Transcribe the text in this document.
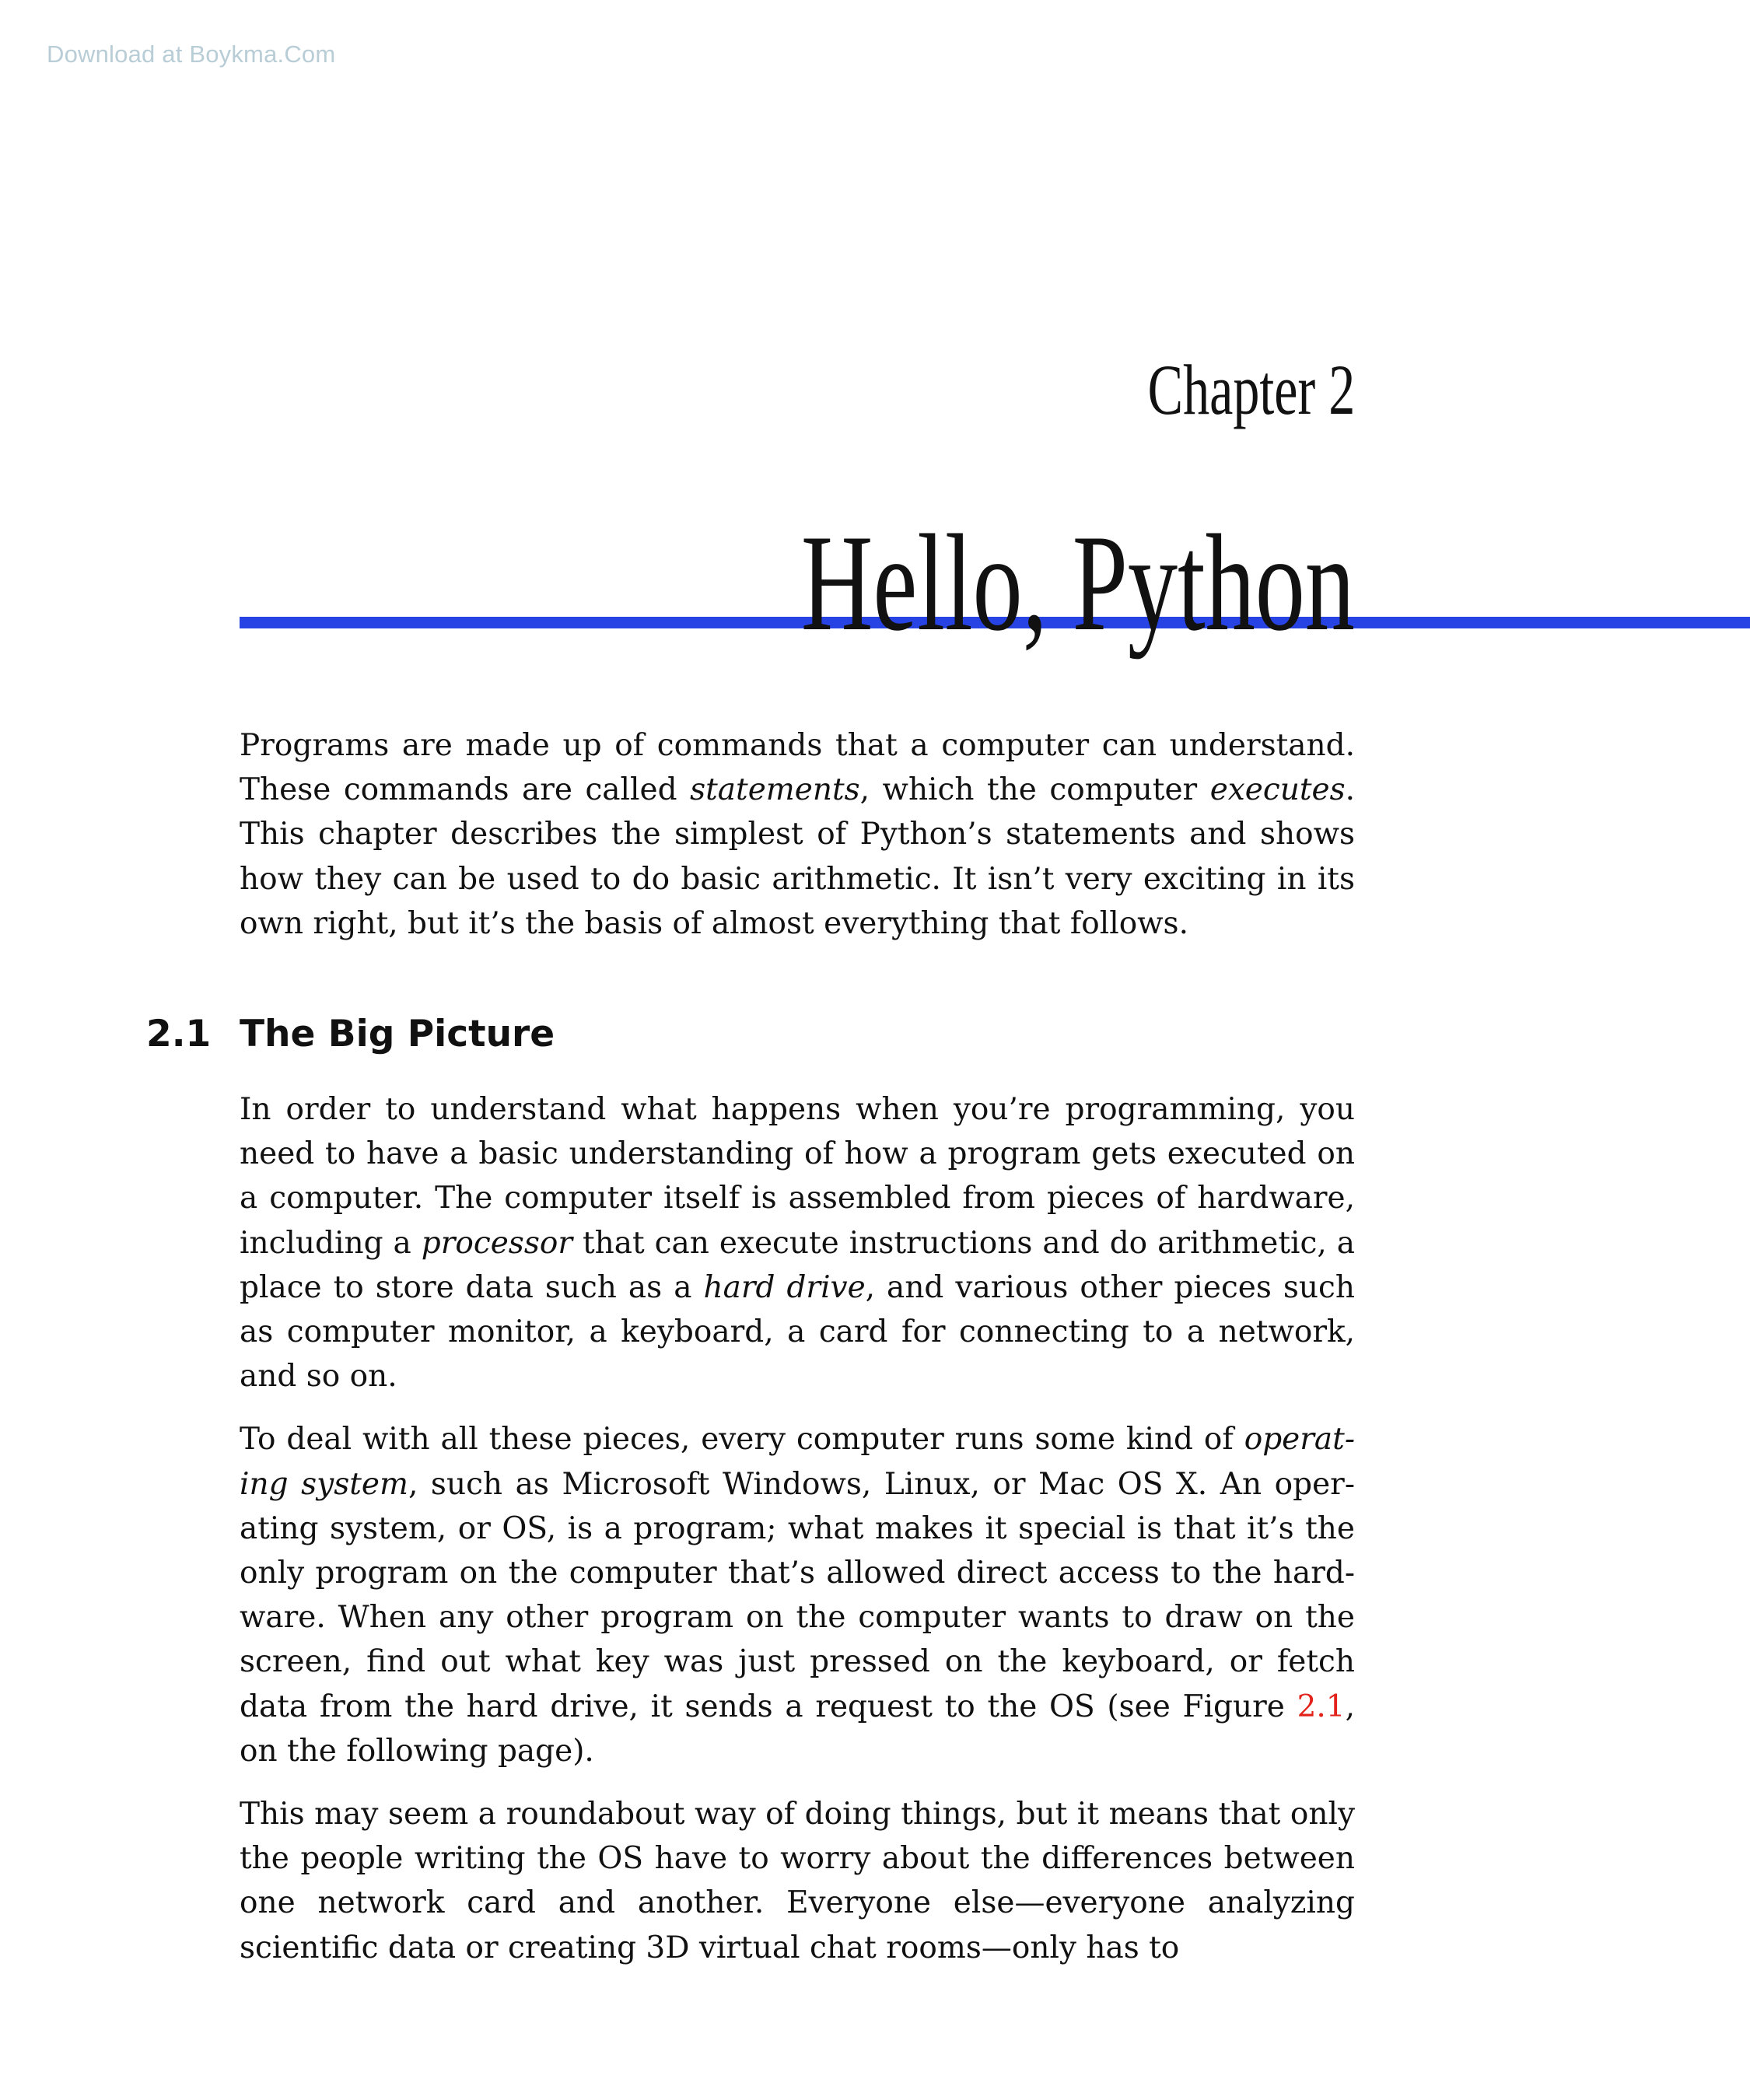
Download at Boykma.Com
Chapter 2
Hello, Python

Programs are made up of commands that a computer can understand. These commands are called statements, which the computer executes. This chapter describes the simplest of Python’s statements and shows how they can be used to do basic arithmetic. It isn’t very exciting in its own right, but it’s the basis of almost everything that follows.

2.1 The Big Picture

In order to understand what happens when you’re programming, you need to have a basic understanding of how a program gets executed on a computer. The computer itself is assembled from pieces of hardware, including a processor that can execute instructions and do arithmetic, a place to store data such as a hard drive, and various other pieces such as computer monitor, a keyboard, a card for connecting to a network, and so on.

To deal with all these pieces, every computer runs some kind of operating system, such as Microsoft Windows, Linux, or Mac OS X. An operating system, or OS, is a program; what makes it special is that it’s the only program on the computer that’s allowed direct access to the hardware. When any other program on the computer wants to draw on the screen, find out what key was just pressed on the keyboard, or fetch data from the hard drive, it sends a request to the OS (see Figure 2.1, on the following page).

This may seem a roundabout way of doing things, but it means that only the people writing the OS have to worry about the differences between one network card and another. Everyone else—everyone analyzing scientific data or creating 3D virtual chat rooms—only has to
